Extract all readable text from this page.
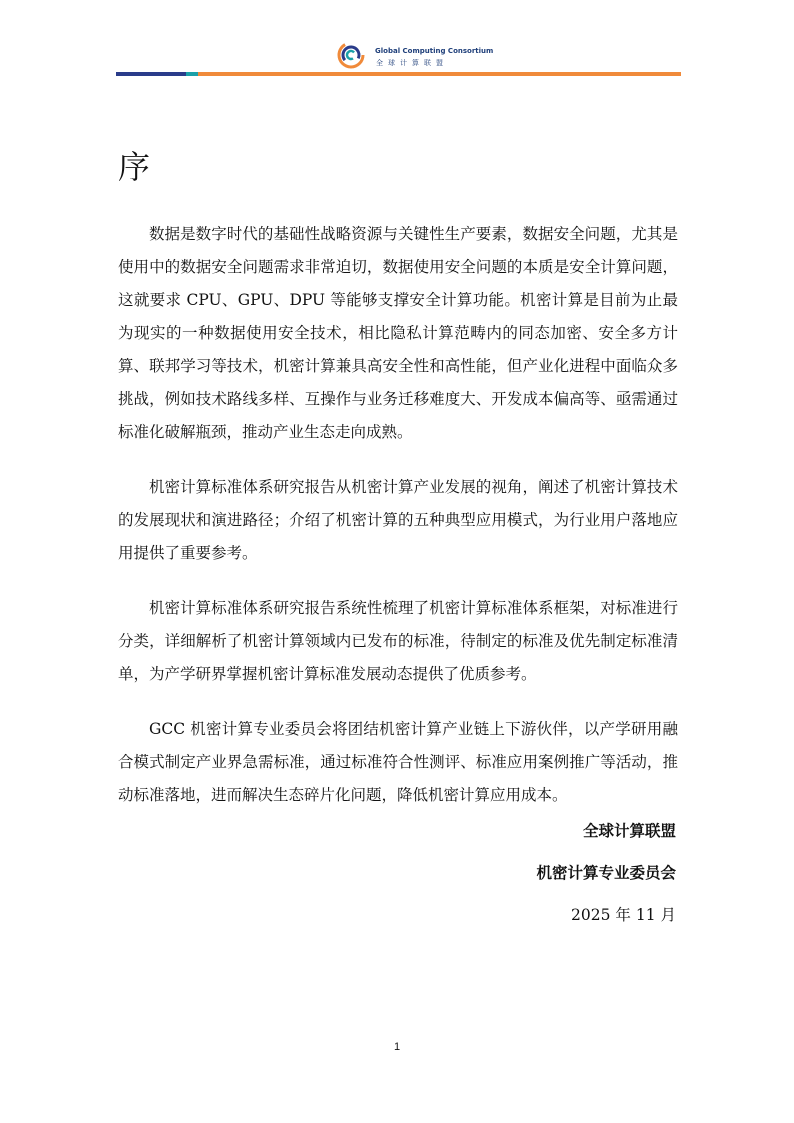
Global Computing Consortium
全球计算联盟
序

数据是数字时代的基础性战略资源与关键性生产要素，数据安全问题，尤其是使用中的数据安全问题需求非常迫切，数据使用安全问题的本质是安全计算问题，这就要求 CPU、GPU、DPU 等能够支撑安全计算功能。机密计算是目前为止最为现实的一种数据使用安全技术，相比隐私计算范畴内的同态加密、安全多方计算、联邦学习等技术，机密计算兼具高安全性和高性能，但产业化进程中面临众多挑战，例如技术路线多样、互操作与业务迁移难度大、开发成本偏高等、亟需通过标准化破解瓶颈，推动产业生态走向成熟。

机密计算标准体系研究报告从机密计算产业发展的视角，阐述了机密计算技术的发展现状和演进路径；介绍了机密计算的五种典型应用模式，为行业用户落地应用提供了重要参考。

机密计算标准体系研究报告系统性梳理了机密计算标准体系框架，对标准进行分类，详细解析了机密计算领域内已发布的标准，待制定的标准及优先制定标准清单，为产学研界掌握机密计算标准发展动态提供了优质参考。

GCC 机密计算专业委员会将团结机密计算产业链上下游伙伴，以产学研用融合模式制定产业界急需标准，通过标准符合性测评、标准应用案例推广等活动，推动标准落地，进而解决生态碎片化问题，降低机密计算应用成本。

全球计算联盟

机密计算专业委员会

2025 年 11 月

1
